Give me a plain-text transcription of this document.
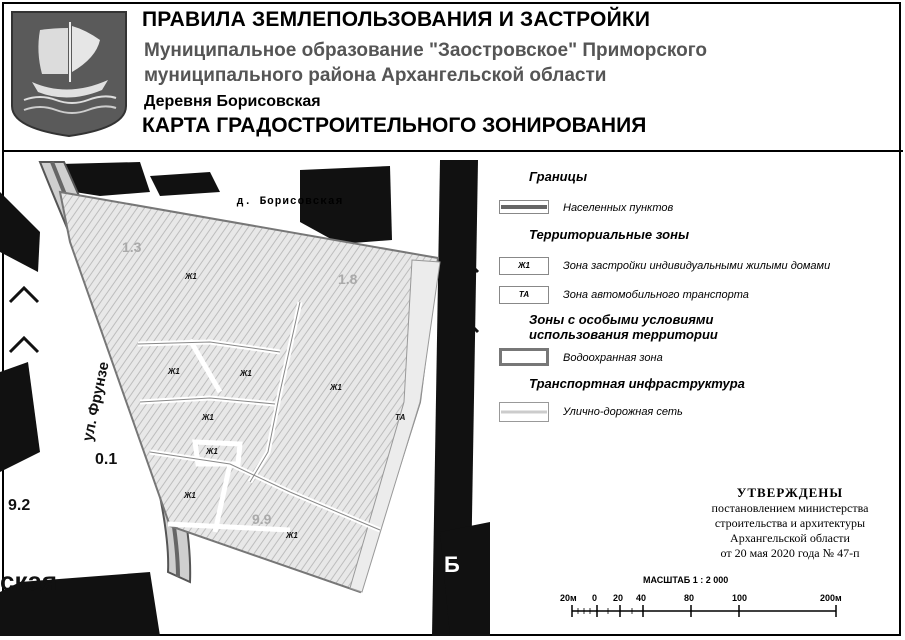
ПРАВИЛА ЗЕМЛЕПОЛЬЗОВАНИЯ И ЗАСТРОЙКИ
Муниципальное образование "Заостровское" Приморского
муниципального района Архангельской области
Деревня Борисовская
КАРТА ГРАДОСТРОИТЕЛЬНОГО ЗОНИРОВАНИЯ
д. Борисовская
Ж1
Ж1	Ж1
Ж1
Ж1
Ж1
Ж1
Ж1
ТА
9.2
0.1
9.9
1.3
1.8
ская
Б
ул. Фрунзе
Границы
Населенных пунктов
Территориальные зоны
Ж1	Зона застройки индивидуальными жилыми домами
ТА	Зона автомобильного транспорта
Зоны с особыми условиями
использования территории
Водоохранная зона
Транспортная инфраструктура
Улично-дорожная сеть
УТВЕРЖДЕНЫ
постановлением министерства
строительства и архитектуры
Архангельской области
от 20 мая 2020 года № 47-п
МАСШТАБ 1 : 2 000
20м 0 20 40	80	100	200м
